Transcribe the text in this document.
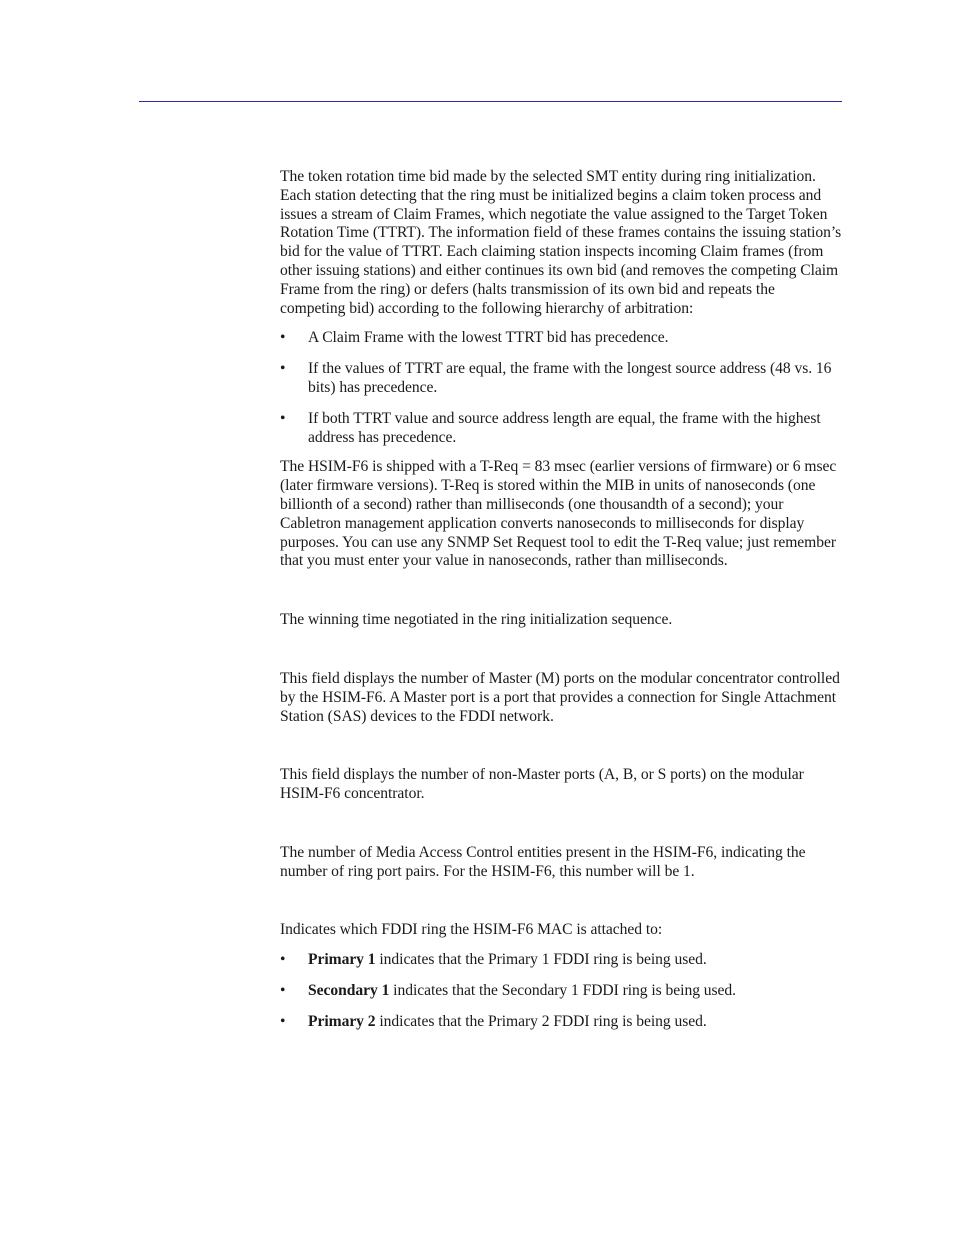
The token rotation time bid made by the selected SMT entity during ring initialization. Each station detecting that the ring must be initialized begins a claim token process and issues a stream of Claim Frames, which negotiate the value assigned to the Target Token Rotation Time (TTRT). The information field of these frames contains the issuing station’s bid for the value of TTRT. Each claiming station inspects incoming Claim frames (from other issuing stations) and either continues its own bid (and removes the competing Claim Frame from the ring) or defers (halts transmission of its own bid and repeats the competing bid) according to the following hierarchy of arbitration:

• A Claim Frame with the lowest TTRT bid has precedence.
• If the values of TTRT are equal, the frame with the longest source address (48 vs. 16 bits) has precedence.
• If both TTRT value and source address length are equal, the frame with the highest address has precedence.

The HSIM-F6 is shipped with a T-Req = 83 msec (earlier versions of firmware) or 6 msec (later firmware versions). T-Req is stored within the MIB in units of nanoseconds (one billionth of a second) rather than milliseconds (one thousandth of a second); your Cabletron management application converts nanoseconds to milliseconds for display purposes. You can use any SNMP Set Request tool to edit the T-Req value; just remember that you must enter your value in nanoseconds, rather than milliseconds.

The winning time negotiated in the ring initialization sequence.

This field displays the number of Master (M) ports on the modular concentrator controlled by the HSIM-F6. A Master port is a port that provides a connection for Single Attachment Station (SAS) devices to the FDDI network.

This field displays the number of non-Master ports (A, B, or S ports) on the modular HSIM-F6 concentrator.

The number of Media Access Control entities present in the HSIM-F6, indicating the number of ring port pairs. For the HSIM-F6, this number will be 1.

Indicates which FDDI ring the HSIM-F6 MAC is attached to:

• Primary 1 indicates that the Primary 1 FDDI ring is being used.
• Secondary 1 indicates that the Secondary 1 FDDI ring is being used.
• Primary 2 indicates that the Primary 2 FDDI ring is being used.
